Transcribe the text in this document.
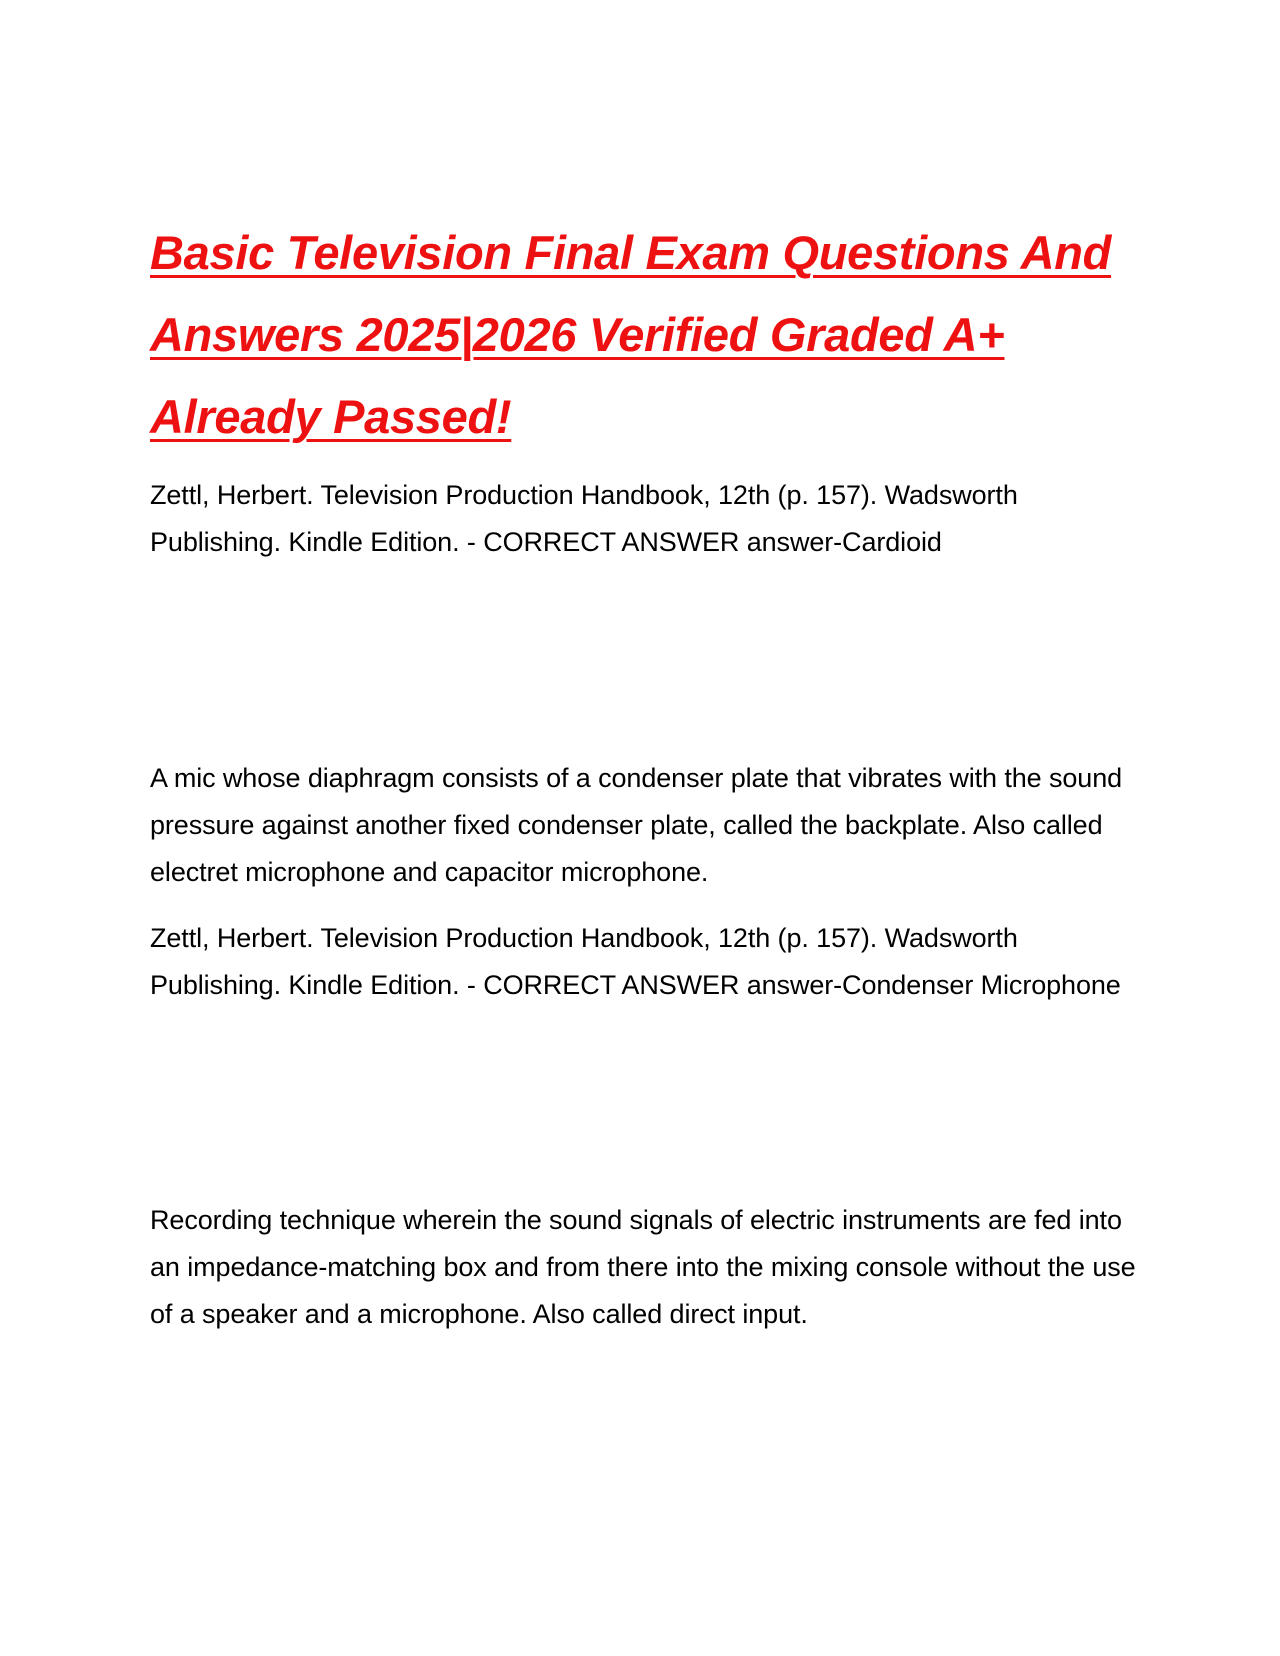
Basic Television Final Exam Questions And Answers 2025|2026 Verified Graded A+ Already Passed!

Zettl, Herbert. Television Production Handbook, 12th (p. 157). Wadsworth Publishing. Kindle Edition. - CORRECT ANSWER answer-Cardioid

A mic whose diaphragm consists of a condenser plate that vibrates with the sound pressure against another fixed condenser plate, called the backplate. Also called electret microphone and capacitor microphone.

Zettl, Herbert. Television Production Handbook, 12th (p. 157). Wadsworth Publishing. Kindle Edition. - CORRECT ANSWER answer-Condenser Microphone

Recording technique wherein the sound signals of electric instruments are fed into an impedance-matching box and from there into the mixing console without the use of a speaker and a microphone. Also called direct input.
